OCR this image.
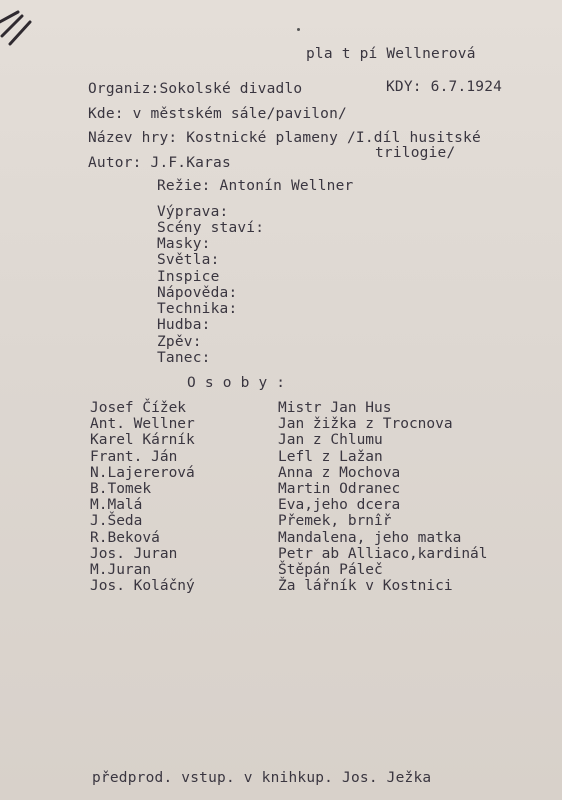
pla t pí Wellnerová
Organiz:Sokolské divadlo	KDY: 6.7.1924
Kde: v městském sále/pavilon/
Název hry: Kostnické plameny /I.díl husitské
trilogie/
Autor: J.F.Karas
Režie: Antonín Wellner
Výprava:
Scény staví:
Masky:
Světla:
Inspice
Nápověda:
Technika:
Hudba:
Zpěv:
Tanec:
O s o b y :
Josef Čížek	Mistr Jan Hus
Ant. Wellner	Jan žižka z Trocnova
Karel Kárník	Jan z Chlumu
Frant. Ján	Lefl z Lažan
N.Lajererová	Anna z Mochova
B.Tomek	Martin Odranec
M.Malá	Eva,jeho dcera
J.Šeda	Přemek, brnîř
R.Beková	Mandalena, jeho matka
Jos. Juran	Petr ab Alliaco,kardinál
M.Juran	Štěpán Páleč
Jos. Koláčný	Ža lářník v Kostnici
předprod. vstup. v knihkup. Jos. Ježka
